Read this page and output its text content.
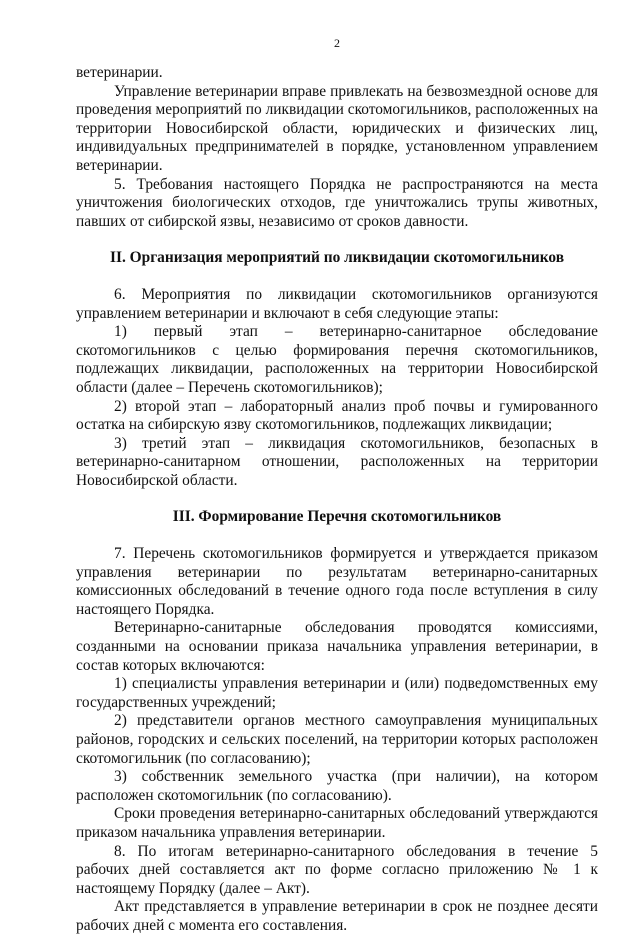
2

ветеринарии.

Управление ветеринарии вправе привлекать на безвозмездной основе для проведения мероприятий по ликвидации скотомогильников, расположенных на территории Новосибирской области, юридических и физических лиц, индивидуальных предпринимателей в порядке, установленном управлением ветеринарии.

5. Требования настоящего Порядка не распространяются на места уничтожения биологических отходов, где уничтожались трупы животных, павших от сибирской язвы, независимо от сроков давности.

II. Организация мероприятий по ликвидации скотомогильников

6. Мероприятия по ликвидации скотомогильников организуются управлением ветеринарии и включают в себя следующие этапы:

1) первый этап – ветеринарно-санитарное обследование скотомогильников с целью формирования перечня скотомогильников, подлежащих ликвидации, расположенных на территории Новосибирской области (далее – Перечень скотомогильников);

2) второй этап – лабораторный анализ проб почвы и гумированного остатка на сибирскую язву скотомогильников, подлежащих ликвидации;

3) третий этап – ликвидация скотомогильников, безопасных в ветеринарно-санитарном отношении, расположенных на территории Новосибирской области.

III. Формирование Перечня скотомогильников

7. Перечень скотомогильников формируется и утверждается приказом управления ветеринарии по результатам ветеринарно-санитарных комиссионных обследований в течение одного года после вступления в силу настоящего Порядка.

Ветеринарно-санитарные обследования проводятся комиссиями, созданными на основании приказа начальника управления ветеринарии, в состав которых включаются:

1) специалисты управления ветеринарии и (или) подведомственных ему государственных учреждений;

2) представители органов местного самоуправления муниципальных районов, городских и сельских поселений, на территории которых расположен скотомогильник (по согласованию);

3) собственник земельного участка (при наличии), на котором расположен скотомогильник (по согласованию).

Сроки проведения ветеринарно-санитарных обследований утверждаются приказом начальника управления ветеринарии.

8. По итогам ветеринарно-санитарного обследования в течение 5 рабочих дней составляется акт по форме согласно приложению № 1 к настоящему Порядку (далее – Акт).

Акт представляется в управление ветеринарии в срок не позднее десяти рабочих дней с момента его составления.
